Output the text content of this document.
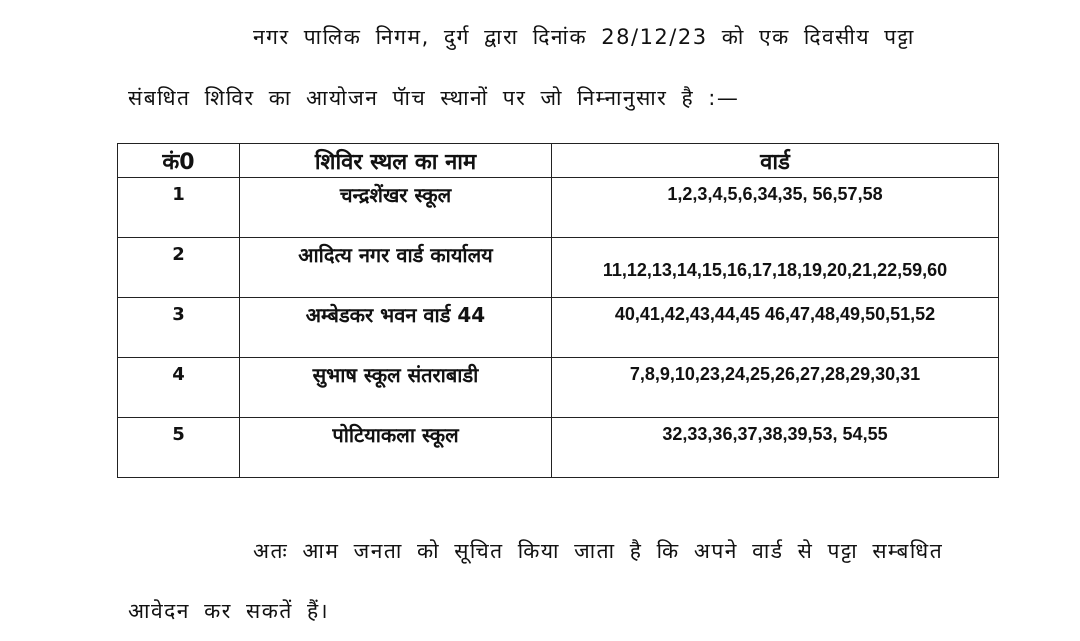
नगर पालिक निगम, दुर्ग द्वारा दिनांक 28/12/23 को एक दिवसीय पट्टा

संबधित शिविर का आयोजन पॅाच स्थानों पर जो निम्नानुसार है :—

कं0	शिविर स्थल का नाम	वार्ड

1	चन्द्रशेंखर स्कूल	1,2,3,4,5,6,34,35, 56,57,58

2	आदित्य नगर वार्ड कार्यालय	11,12,13,14,15,16,17,18,19,20,21,22,59,60

3	अम्बेडकर भवन वार्ड 44	40,41,42,43,44,45 46,47,48,49,50,51,52

4	सुभाष स्कूल संतराबाडी	7,8,9,10,23,24,25,26,27,28,29,30,31

5	पोटियाकला स्कूल	32,33,36,37,38,39,53, 54,55

अतः आम जनता को सूचित किया जाता है कि अपने वार्ड से पट्टा सम्बधित

आवेदन कर सकतें हैं।
